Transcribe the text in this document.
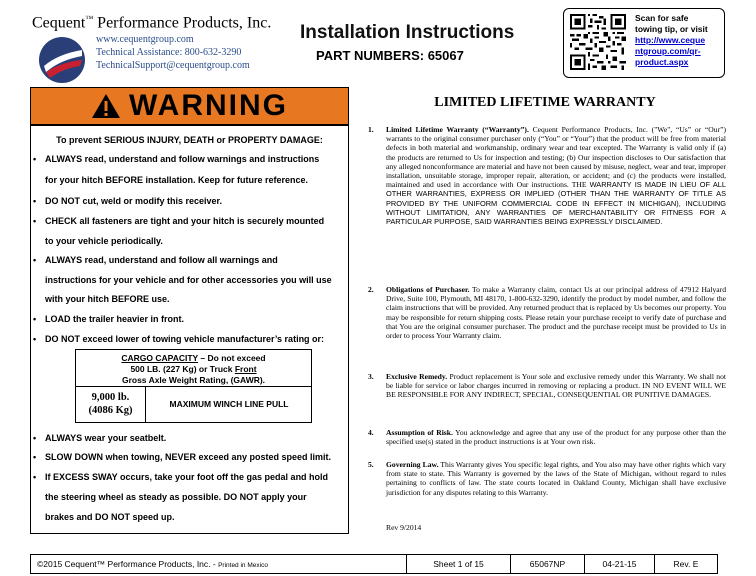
Cequent™ Performance Products, Inc.
www.cequentgroup.com
Technical Assistance: 800-632-3290
TechnicalSupport@cequentgroup.com
Installation Instructions
PART NUMBERS: 65067
Scan for safe
towing tip, or visit
http://www.ceque
ntgroup.com/qr-
product.aspx
WARNING
To prevent SERIOUS INJURY, DEATH or PROPERTY DAMAGE:
• ALWAYS read, understand and follow warnings and instructions
for your hitch BEFORE installation. Keep for future reference.
• DO NOT cut, weld or modify this receiver.
• CHECK all fasteners are tight and your hitch is securely mounted
to your vehicle periodically.
• ALWAYS read, understand and follow all warnings and
instructions for your vehicle and for other accessories you will use
with your hitch BEFORE use.
• LOAD the trailer heavier in front.
• DO NOT exceed lower of towing vehicle manufacturer’s rating or:
CARGO CAPACITY – Do not exceed
500 LB. (227 Kg) or Truck Front
Gross Axle Weight Rating, (GAWR).
9,000 lb.
(4086 Kg)
MAXIMUM WINCH LINE PULL
• ALWAYS wear your seatbelt.
• SLOW DOWN when towing, NEVER exceed any posted speed limit.
• If EXCESS SWAY occurs, take your foot off the gas pedal and hold
the steering wheel as steady as possible. DO NOT apply your
brakes and DO NOT speed up.
LIMITED LIFETIME WARRANTY
1. Limited Lifetime Warranty (“Warranty”). Cequent Performance Products, Inc. ("We", “Us” or “Our”) warrants to the original consumer purchaser only (“You” or “Your”) that the product will be free from material defects in both material and workmanship, ordinary wear and tear excepted. The Warranty is valid only if (a) the products are returned to Us for inspection and testing; (b) Our inspection discloses to Our satisfaction that any alleged nonconformance are material and have not been caused by misuse, neglect, wear and tear, improper installation, unsuitable storage, improper repair, alteration, or accident; and (c) the products were installed, maintained and used in accordance with Our instructions. THE WARRANTY IS MADE IN LIEU OF ALL OTHER WARRANTIES, EXPRESS OR IMPLIED (OTHER THAN THE WARRANTY OF TITLE AS PROVIDED BY THE UNIFORM COMMERCIAL CODE IN EFFECT IN MICHIGAN), INCLUDING WITHOUT LIMITATION, ANY WARRANTIES OF MERCHANTABILITY OR FITNESS FOR A PARTICULAR PURPOSE, SAID WARRANTIES BEING EXPRESSLY DISCLAIMED.
2. Obligations of Purchaser. To make a Warranty claim, contact Us at our principal address of 47912 Halyard Drive, Suite 100, Plymouth, MI 48170, 1-800-632-3290, identify the product by model number, and follow the claim instructions that will be provided. Any returned product that is replaced by Us becomes our property. You may be responsible for return shipping costs. Please retain your purchase receipt to verify date of purchase and that You are the original consumer purchaser. The product and the purchase receipt must be provided to Us in order to process Your Warranty claim.
3. Exclusive Remedy. Product replacement is Your sole and exclusive remedy under this Warranty. We shall not be liable for service or labor charges incurred in removing or replacing a product. IN NO EVENT WILL WE BE RESPONSIBLE FOR ANY INDIRECT, SPECIAL, CONSEQUENTIAL OR PUNITIVE DAMAGES.
4. Assumption of Risk. You acknowledge and agree that any use of the product for any purpose other than the specified use(s) stated in the product instructions is at Your own risk.
5. Governing Law. This Warranty gives You specific legal rights, and You also may have other rights which vary from state to state. This Warranty is governed by the laws of the State of Michigan, without regard to rules pertaining to conflicts of law. The state courts located in Oakland County, Michigan shall have exclusive jurisdiction for any disputes relating to this Warranty.
Rev 9/2014
©2015 Cequent™ Performance Products, Inc. - Printed in Mexico	Sheet 1 of 15	65067NP	04-21-15	Rev. E
